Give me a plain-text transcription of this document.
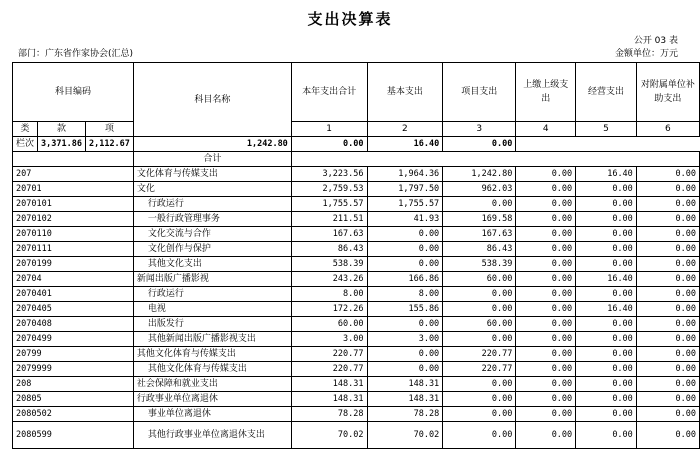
支出决算表
公开 03 表
部门：广东省作家协会(汇总)	金额单位：万元
科目编码			科目名称	本年支出合计	基本支出	项目支出	上缴上级支出	经营支出	对附属单位补助支出
类	款	项		1	2	3	4	5	6
栏次	3,371.86	2,112.67	1,242.80	0.00	16.40	0.00			
			合计						
207			文化体育与传媒支出	3,223.56	1,964.36	1,242.80	0.00	16.40	0.00
20701			文化	2,759.53	1,797.50	962.03	0.00	0.00	0.00
2070101			行政运行	1,755.57	1,755.57	0.00	0.00	0.00	0.00
2070102			一般行政管理事务	211.51	41.93	169.58	0.00	0.00	0.00
2070110			文化交流与合作	167.63	0.00	167.63	0.00	0.00	0.00
2070111			文化创作与保护	86.43	0.00	86.43	0.00	0.00	0.00
2070199			其他文化支出	538.39	0.00	538.39	0.00	0.00	0.00
20704			新闻出版广播影视	243.26	166.86	60.00	0.00	16.40	0.00
2070401			行政运行	8.00	8.00	0.00	0.00	0.00	0.00
2070405			电视	172.26	155.86	0.00	0.00	16.40	0.00
2070408			出版发行	60.00	0.00	60.00	0.00	0.00	0.00
2070499			其他新闻出版广播影视支出	3.00	3.00	0.00	0.00	0.00	0.00
20799			其他文化体育与传媒支出	220.77	0.00	220.77	0.00	0.00	0.00
2079999			其他文化体育与传媒支出	220.77	0.00	220.77	0.00	0.00	0.00
208			社会保障和就业支出	148.31	148.31	0.00	0.00	0.00	0.00
20805			行政事业单位离退休	148.31	148.31	0.00	0.00	0.00	0.00
2080502			事业单位离退休	78.28	78.28	0.00	0.00	0.00	0.00
2080599			其他行政事业单位离退休支出	70.02	70.02	0.00	0.00	0.00	0.00
